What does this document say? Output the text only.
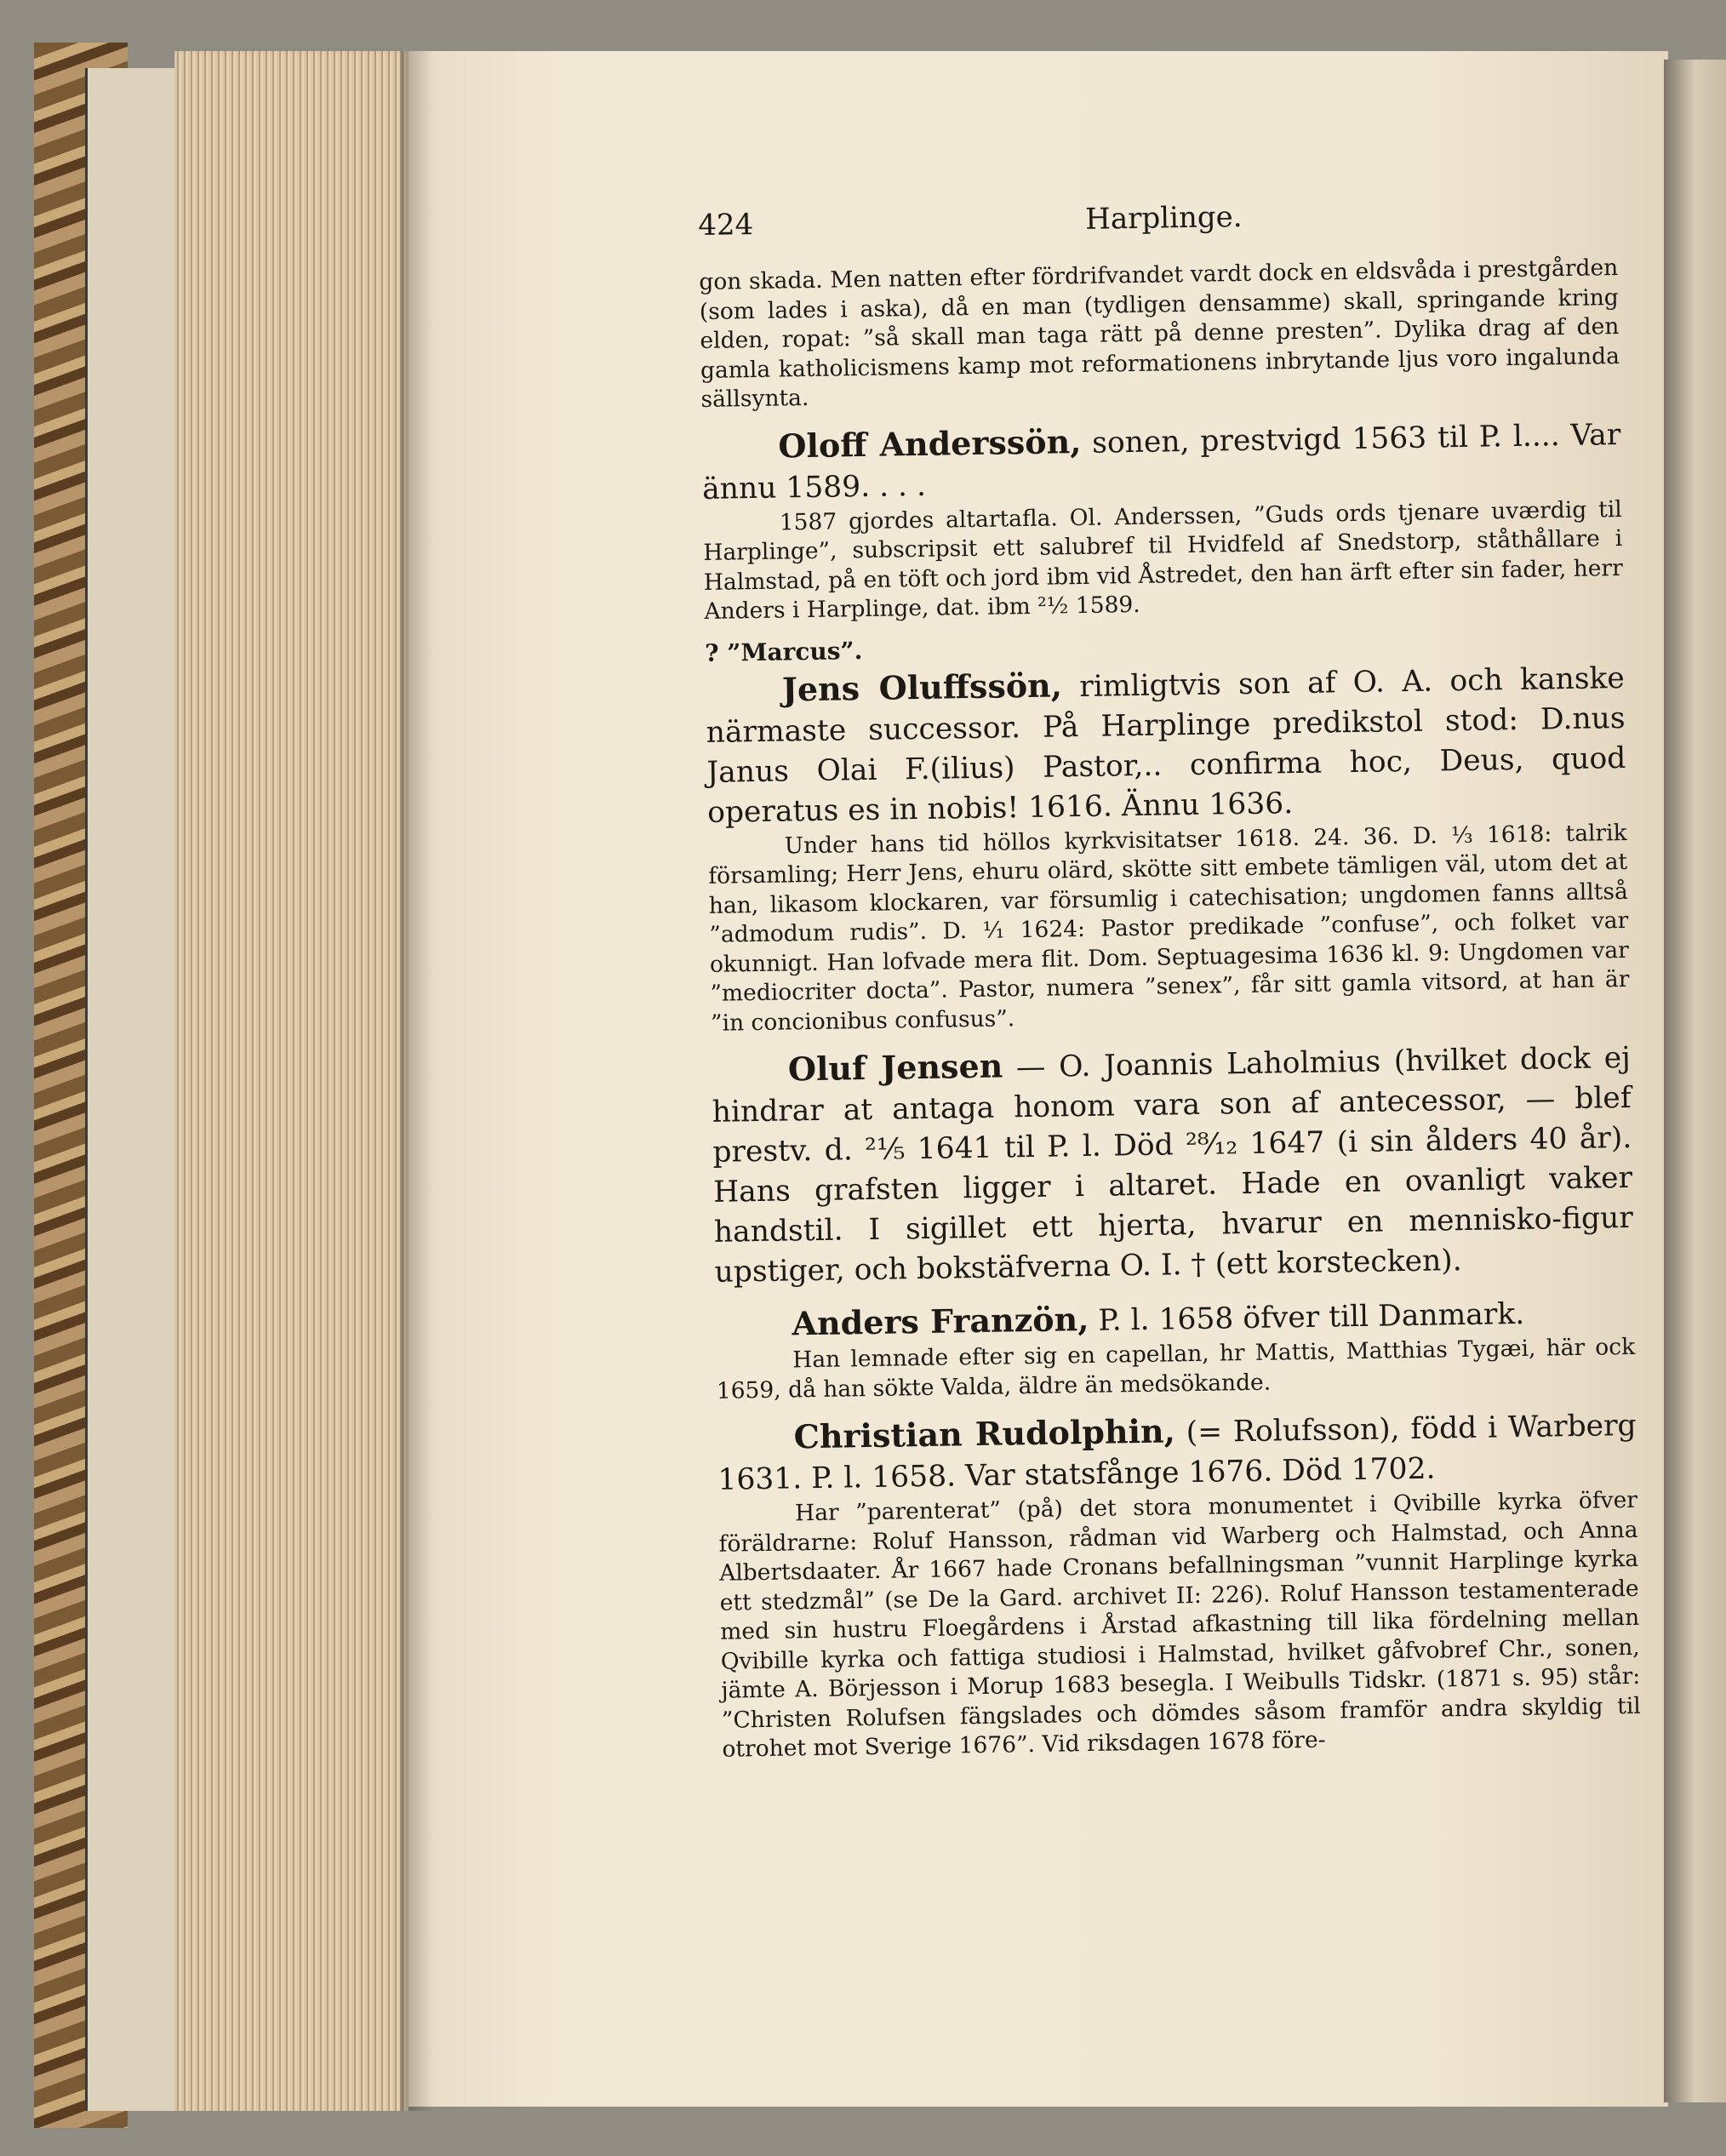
424	Harplinge.

gon skada. Men natten efter fördrifvandet vardt dock en eldsvåda i prestgården (som lades i aska), då en man (tydligen densamme) skall, springande kring elden, ropat: ”så skall man taga rätt på denne presten”. Dylika drag af den gamla katholicismens kamp mot reformationens inbrytande ljus voro ingalunda sällsynta.

Oloff Anderssön, sonen, prestvigd 1563 til P. l.... Var ännu 1589. . . .

1587 gjordes altartafla. Ol. Anderssen, ”Guds ords tjenare uværdig til Harplinge”, subscripsit ett salubref til Hvidfeld af Snedstorp, ståthållare i Halmstad, på en töft och jord ibm vid Åstredet, den han ärft efter sin fader, herr Anders i Harplinge, dat. ibm ²¹⁄₂ 1589.

? ”Marcus”.

Jens Oluffssön, rimligtvis son af O. A. och kanske närmaste successor. På Harplinge predikstol stod: D.nus Janus Olai F.(ilius) Pastor,.. confirma hoc, Deus, quod operatus es in nobis! 1616. Ännu 1636.

Under hans tid höllos kyrkvisitatser 1618. 24. 36. D. ¹⁄₃ 1618: talrik församling; Herr Jens, ehuru olärd, skötte sitt embete tämligen väl, utom det at han, likasom klockaren, var försumlig i catechisation; ungdomen fanns alltså ”admodum rudis”. D. ¹⁄₁ 1624: Pastor predikade ”confuse”, och folket var okunnigt. Han lofvade mera flit. Dom. Septuagesima 1636 kl. 9: Ungdomen var ”mediocriter docta”. Pastor, numera ”senex”, får sitt gamla vitsord, at han är ”in concionibus confusus”.

Oluf Jensen — O. Joannis Laholmius (hvilket dock ej hindrar at antaga honom vara son af antecessor, — blef prestv. d. ²¹⁄₅ 1641 til P. l. Död ²⁸⁄₁₂ 1647 (i sin ålders 40 år). Hans grafsten ligger i altaret. Hade en ovanligt vaker handstil. I sigillet ett hjerta, hvarur en mennisko-figur upstiger, och bokstäfverna O. I. † (ett korstecken).

Anders Franzön, P. l. 1658 öfver till Danmark.

Han lemnade efter sig en capellan, hr Mattis, Matthias Tygæi, här ock 1659, då han sökte Valda, äldre än medsökande.

Christian Rudolphin, (= Rolufsson), född i Warberg 1631. P. l. 1658. Var statsfånge 1676. Död 1702.

Har ”parenterat” (på) det stora monumentet i Qvibille kyrka öfver föräldrarne: Roluf Hansson, rådman vid Warberg och Halmstad, och Anna Albertsdaater. År 1667 hade Cronans befallningsman ”vunnit Harplinge kyrka ett stedzmål” (se De la Gard. archivet II: 226). Roluf Hansson testamenterade med sin hustru Floegårdens i Årstad afkastning till lika fördelning mellan Qvibille kyrka och fattiga studiosi i Halmstad, hvilket gåfvobref Chr., sonen, jämte A. Börjesson i Morup 1683 besegla. I Weibulls Tidskr. (1871 s. 95) står: ”Christen Rolufsen fängslades och dömdes såsom framför andra skyldig til otrohet mot Sverige 1676”. Vid riksdagen 1678 före-
